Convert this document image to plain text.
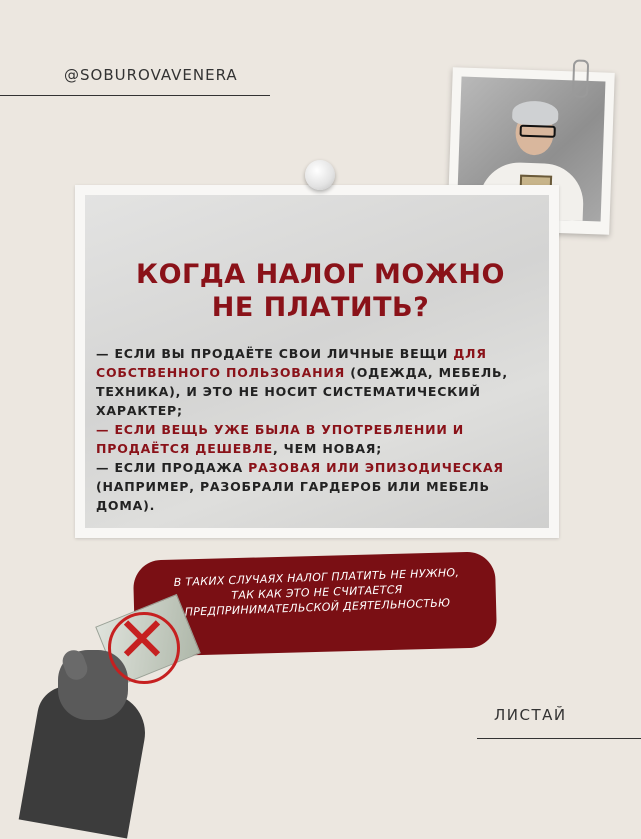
@SOBUROVAVENERA
КОГДА НАЛОГ МОЖНО
НЕ ПЛАТИТЬ?
— ЕСЛИ ВЫ ПРОДАЁТЕ СВОИ ЛИЧНЫЕ ВЕЩИ ДЛЯ СОБСТВЕННОГО ПОЛЬЗОВАНИЯ (ОДЕЖДА, МЕБЕЛЬ, ТЕХНИКА), И ЭТО НЕ НОСИТ СИСТЕМАТИЧЕСКИЙ ХАРАКТЕР;
— ЕСЛИ ВЕЩЬ УЖЕ БЫЛА В УПОТРЕБЛЕНИИ И ПРОДАЁТСЯ ДЕШЕВЛЕ, ЧЕМ НОВАЯ;
— ЕСЛИ ПРОДАЖА РАЗОВАЯ ИЛИ ЭПИЗОДИЧЕСКАЯ (НАПРИМЕР, РАЗОБРАЛИ ГАРДЕРОБ ИЛИ МЕБЕЛЬ ДОМА).
В ТАКИХ СЛУЧАЯХ НАЛОГ ПЛАТИТЬ НЕ НУЖНО, ТАК КАК ЭТО НЕ СЧИТАЕТСЯ ПРЕДПРИНИМАТЕЛЬСКОЙ ДЕЯТЕЛЬНОСТЬЮ
✕
ЛИСТАЙ
